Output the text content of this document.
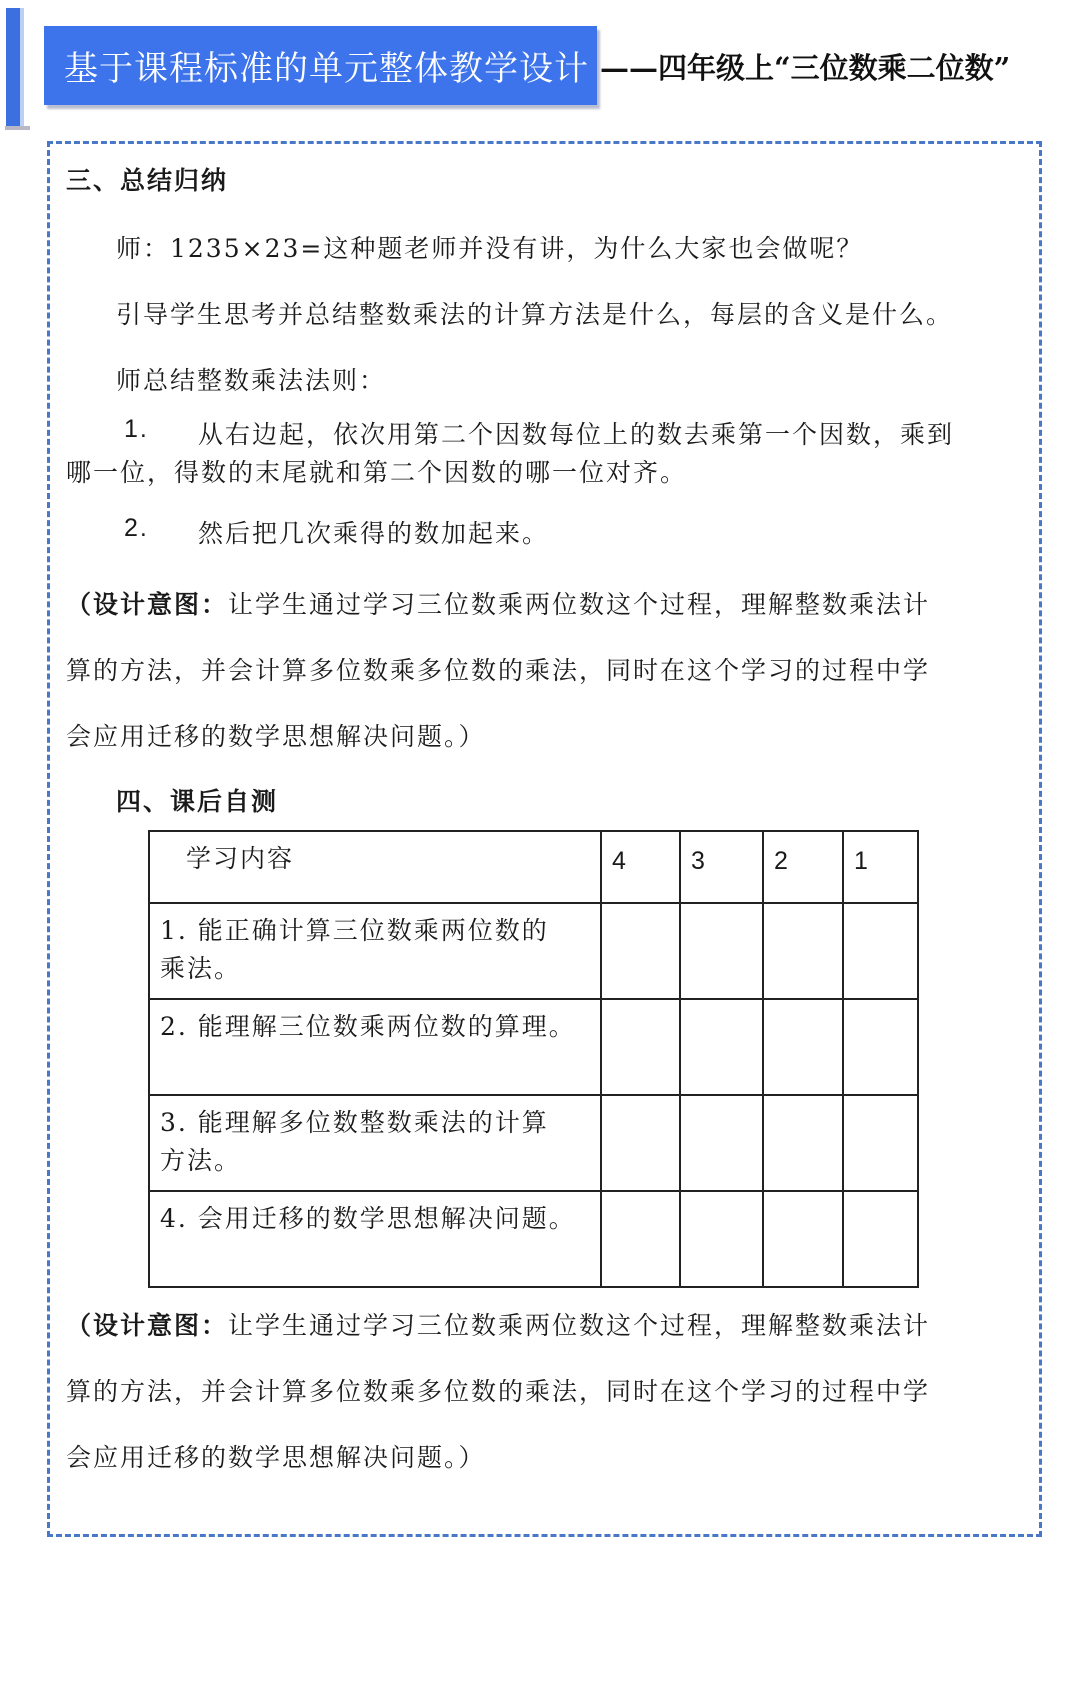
基于课程标准的单元整体教学设计 ——四年级上“三位数乘二位数”
三、总结归纳
师：1235×23=这种题老师并没有讲，为什么大家也会做呢？
引导学生思考并总结整数乘法的计算方法是什么，每层的含义是什么。
师总结整数乘法法则：
1. 从右边起，依次用第二个因数每位上的数去乘第一个因数，乘到
哪一位，得数的末尾就和第二个因数的哪一位对齐。
2. 然后把几次乘得的数加起来。
（设计意图：让学生通过学习三位数乘两位数这个过程，理解整数乘法计
算的方法，并会计算多位数乘多位数的乘法，同时在这个学习的过程中学
会应用迁移的数学思想解决问题。）
四、课后自测
学习内容	4	3	2	1

1. 能正确计算三位数乘两位数的
乘法。				

2. 能理解三位数乘两位数的算理。				

3. 能理解多位数整数乘法的计算
方法。				

4. 会用迁移的数学思想解决问题。				

（设计意图：让学生通过学习三位数乘两位数这个过程，理解整数乘法计
算的方法，并会计算多位数乘多位数的乘法，同时在这个学习的过程中学
会应用迁移的数学思想解决问题。）
